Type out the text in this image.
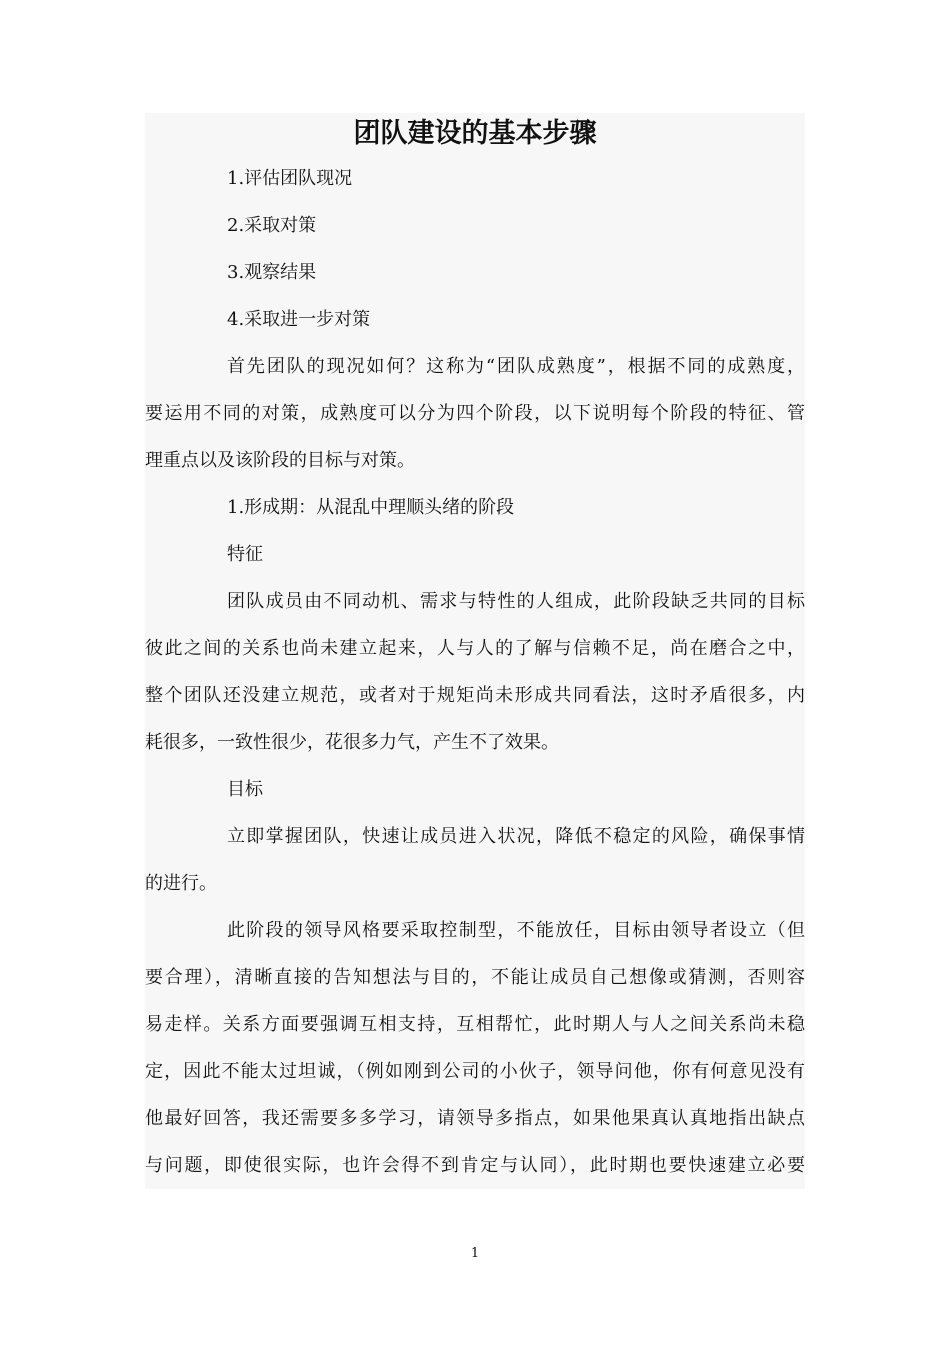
团队建设的基本步骤

1.评估团队现况

2.采取对策

3.观察结果

4.采取进一步对策

首先团队的现况如何？这称为“团队成熟度”，根据不同的成熟度，

要运用不同的对策，成熟度可以分为四个阶段，以下说明每个阶段的特征、管

理重点以及该阶段的目标与对策。

1.形成期：从混乱中理顺头绪的阶段

特征

团队成员由不同动机、需求与特性的人组成，此阶段缺乏共同的目标

彼此之间的关系也尚未建立起来，人与人的了解与信赖不足，尚在磨合之中，

整个团队还没建立规范，或者对于规矩尚未形成共同看法，这时矛盾很多，内

耗很多，一致性很少，花很多力气，产生不了效果。

目标

立即掌握团队，快速让成员进入状况，降低不稳定的风险，确保事情

的进行。

此阶段的领导风格要采取控制型，不能放任，目标由领导者设立（但

要合理），清晰直接的告知想法与目的，不能让成员自己想像或猜测，否则容

易走样。关系方面要强调互相支持，互相帮忙，此时期人与人之间关系尚未稳

定，因此不能太过坦诚，（例如刚到公司的小伙子，领导问他，你有何意见没有

他最好回答，我还需要多多学习，请领导多指点，如果他果真认真地指出缺点

与问题，即使很实际，也许会得不到肯定与认同），此时期也要快速建立必要

1
